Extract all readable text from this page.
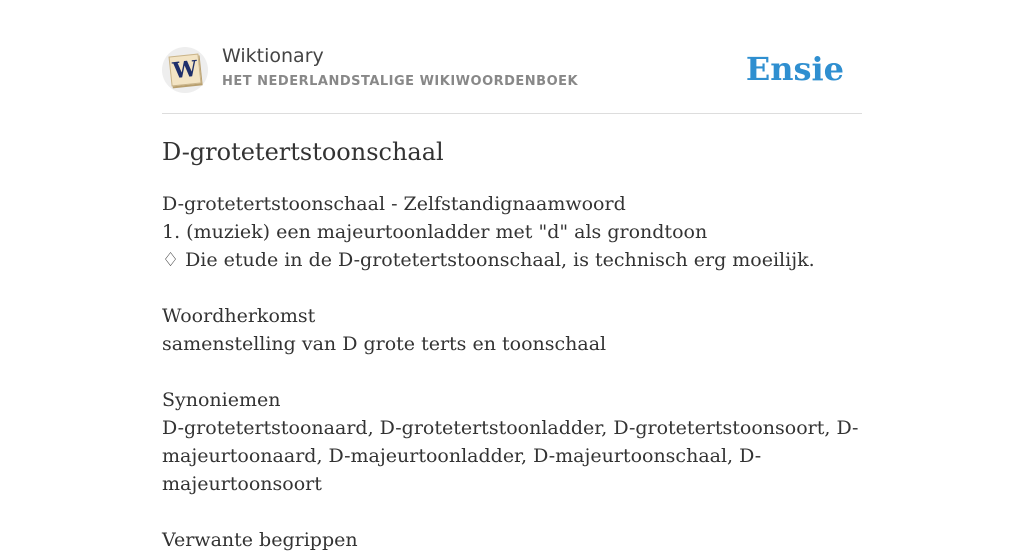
W Wiktionary
HET NEDERLANDSTALIGE WIKIWOORDENBOEK	Ensie
D-grotetertstoonschaal

D-grotetertstoonschaal - Zelfstandignaamwoord

1. (muziek) een majeurtoonladder met "d" als grondtoon

♢ Die etude in de D-grotetertstoonschaal, is technisch erg moeilijk.

Woordherkomst

samenstelling van D grote terts en toonschaal

Synoniemen

D-grotetertstoonaard, D-grotetertstoonladder, D-grotetertstoonsoort, D-

majeurtoonaard, D-majeurtoonladder, D-majeurtoonschaal, D-majeurtoonsoort

Verwante begrippen
